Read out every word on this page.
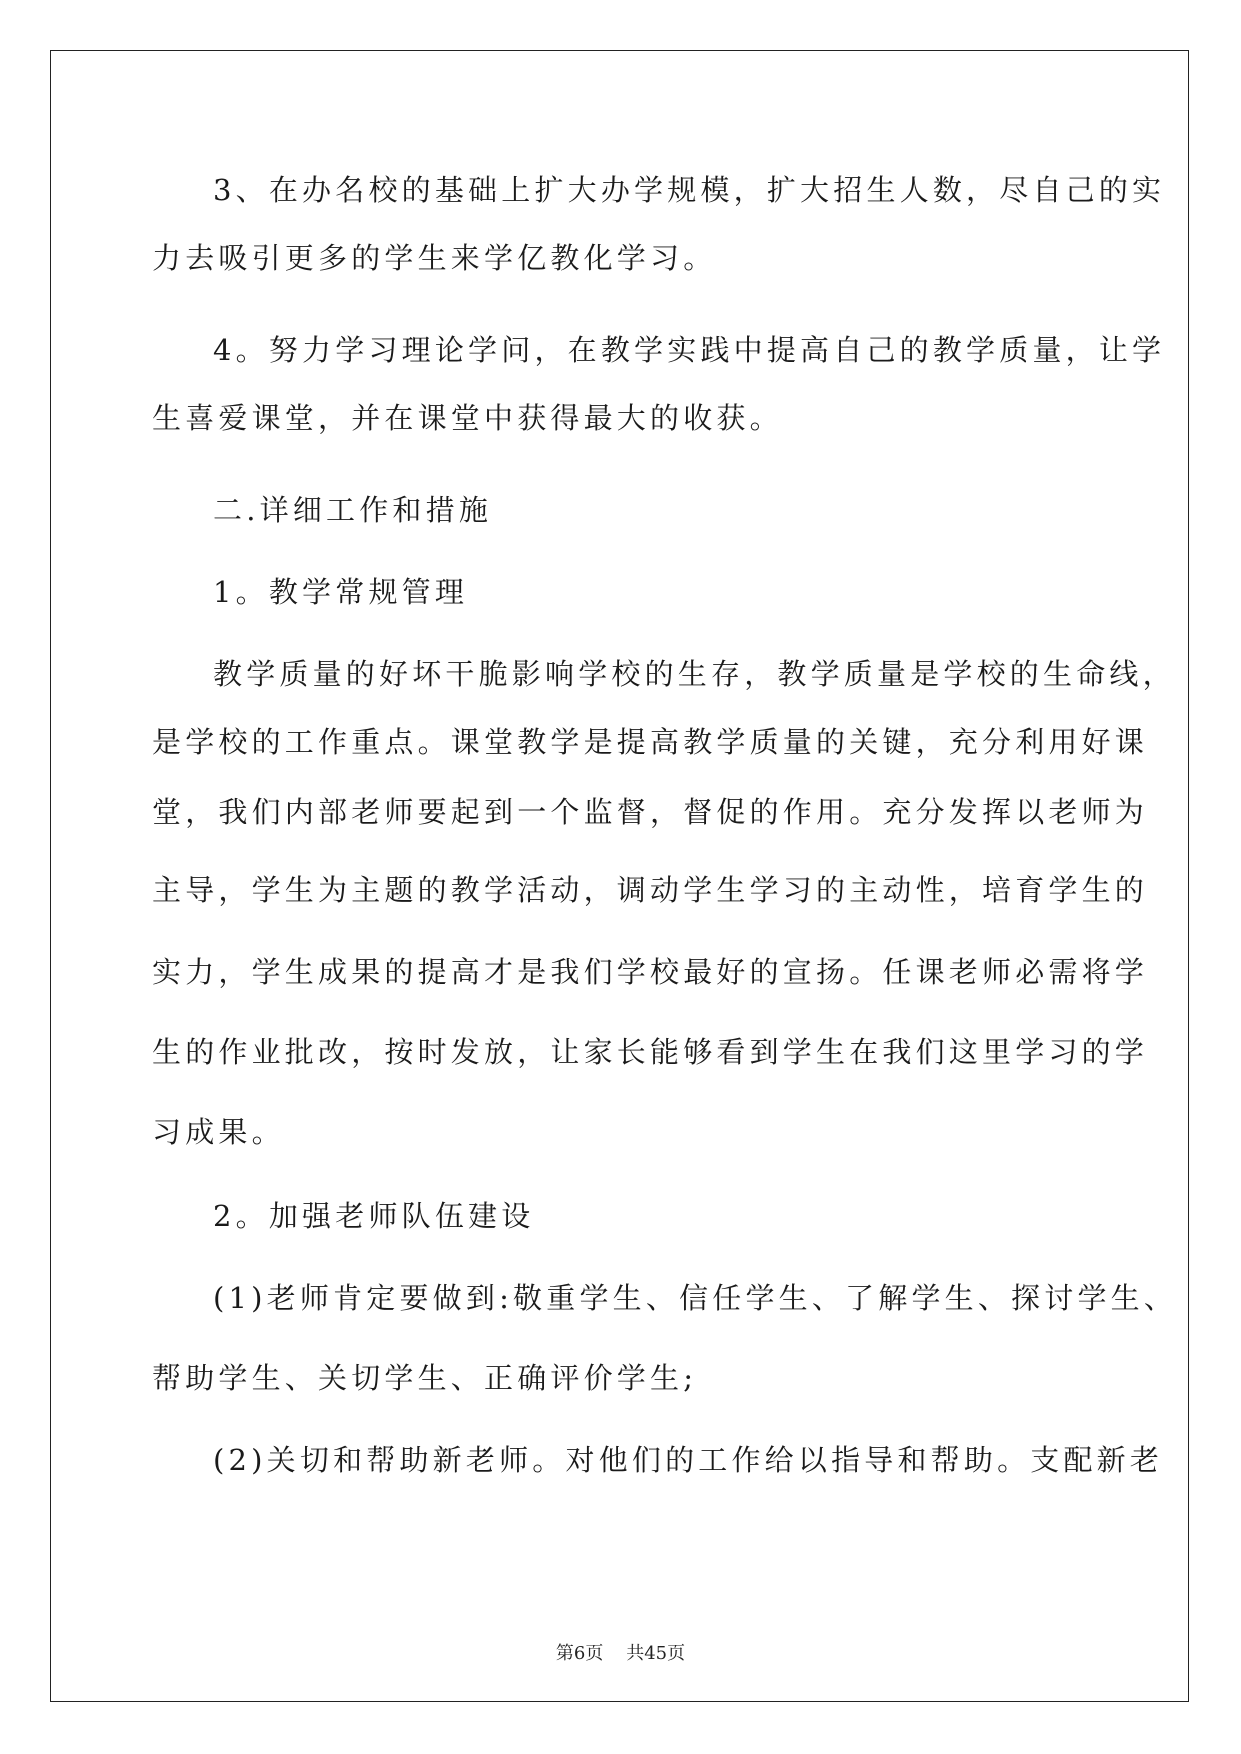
3、在办名校的基础上扩大办学规模，扩大招生人数，尽自己的实
力去吸引更多的学生来学亿教化学习。
4。努力学习理论学问，在教学实践中提高自己的教学质量，让学
生喜爱课堂，并在课堂中获得最大的收获。
二.详细工作和措施
1。教学常规管理
教学质量的好坏干脆影响学校的生存，教学质量是学校的生命线，
是学校的工作重点。课堂教学是提高教学质量的关键，充分利用好课
堂，我们内部老师要起到一个监督，督促的作用。充分发挥以老师为
主导，学生为主题的教学活动，调动学生学习的主动性，培育学生的
实力，学生成果的提高才是我们学校最好的宣扬。任课老师必需将学
生的作业批改，按时发放，让家长能够看到学生在我们这里学习的学
习成果。
2。加强老师队伍建设
(1)老师肯定要做到:敬重学生、信任学生、了解学生、探讨学生、
帮助学生、关切学生、正确评价学生;
(2)关切和帮助新老师。对他们的工作给以指导和帮助。支配新老
第6页 共45页
